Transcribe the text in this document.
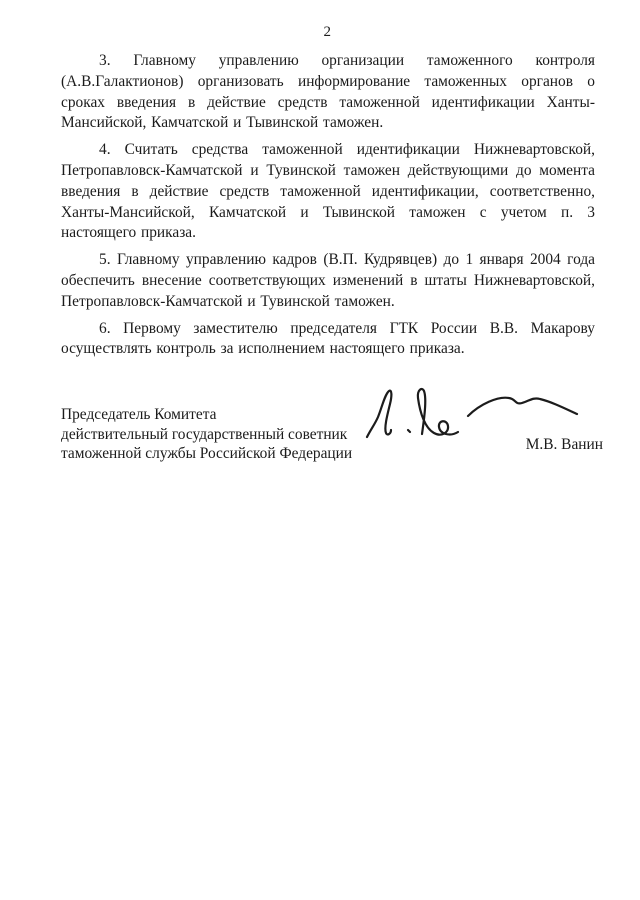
2

3. Главному управлению организации таможенного контроля (А.В.Галактионов) организовать информирование таможенных органов о сроках введения в действие средств таможенной идентификации Ханты-Мансийской, Камчатской и Тывинской таможен.

4. Считать средства таможенной идентификации Нижневартовской, Петропавловск-Камчатской и Тувинской таможен действующими до момента введения в действие средств таможенной идентификации, соответственно, Ханты-Мансийской, Камчатской и Тывинской таможен с учетом п. 3 настоящего приказа.

5. Главному управлению кадров (В.П. Кудрявцев) до 1 января 2004 года обеспечить внесение соответствующих изменений в штаты Нижневартовской, Петропавловск-Камчатской и Тувинской таможен.

6. Первому заместителю председателя ГТК России В.В. Макарову осуществлять контроль за исполнением настоящего приказа.

Председатель Комитета
действительный государственный советник
таможенной службы Российской Федерации
М.В. Ванин
